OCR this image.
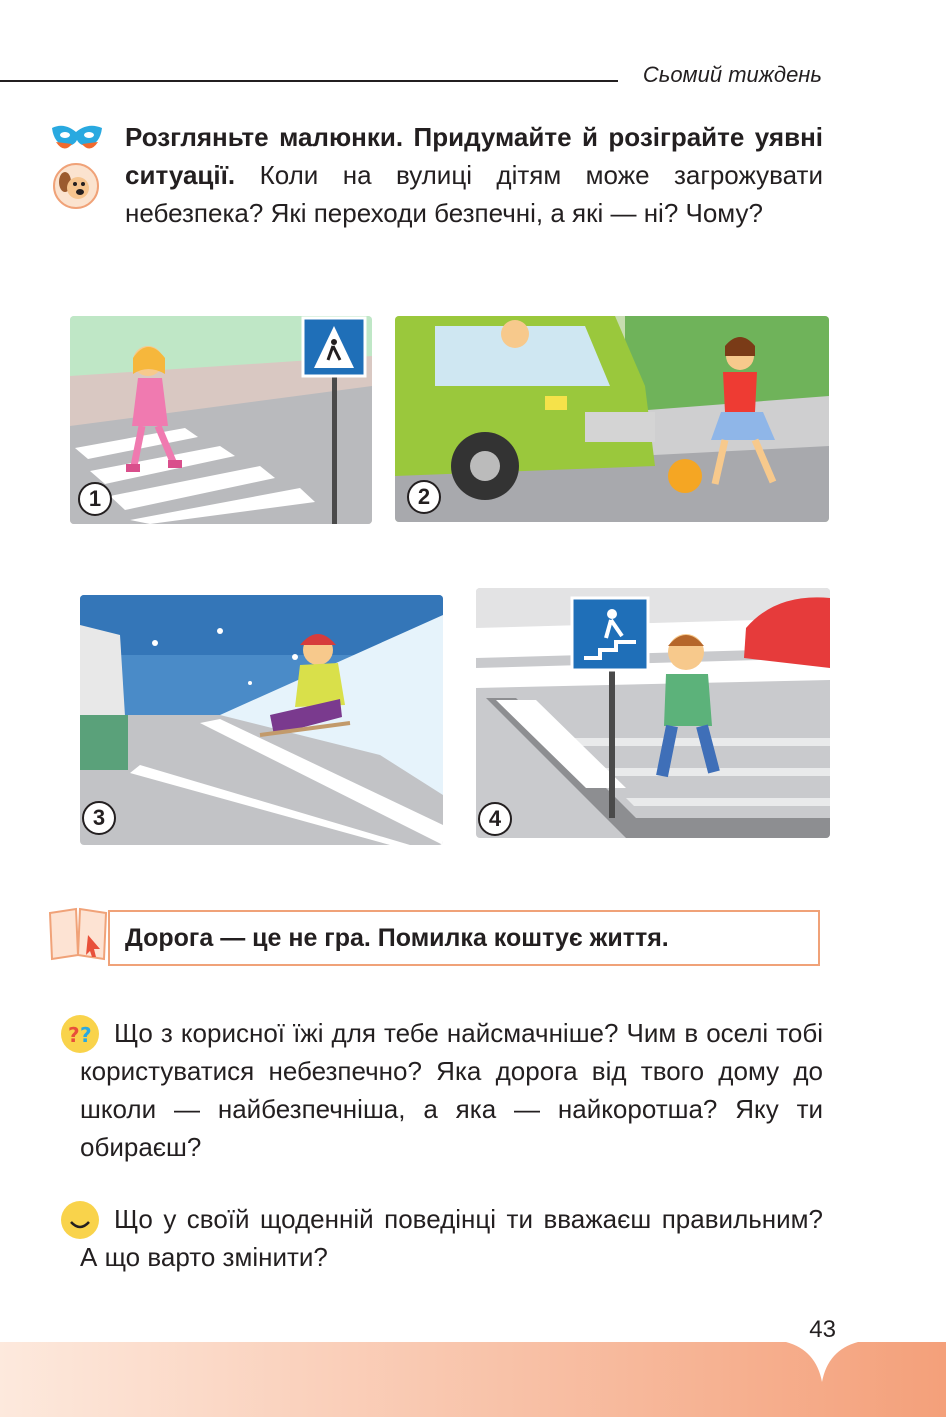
Сьомий тиждень
Розгляньте малюнки. Придумайте й розіграйте уявні ситуації. Коли на вулиці дітям може загрожувати небезпека? Які переходи безпечні, а які — ні? Чому?
1	2
3	4
Дорога — це не гра. Помилка коштує життя.
? ? Що з корисної їжі для тебе найсмачніше? Чим в оселі тобі користуватися небезпечно? Яка дорога від твого дому до школи — найбезпечніша, а яка — найкоротша? Яку ти обираєш?
Що у своїй щоденній поведінці ти вважаєш правильним? А що варто змінити?
43
